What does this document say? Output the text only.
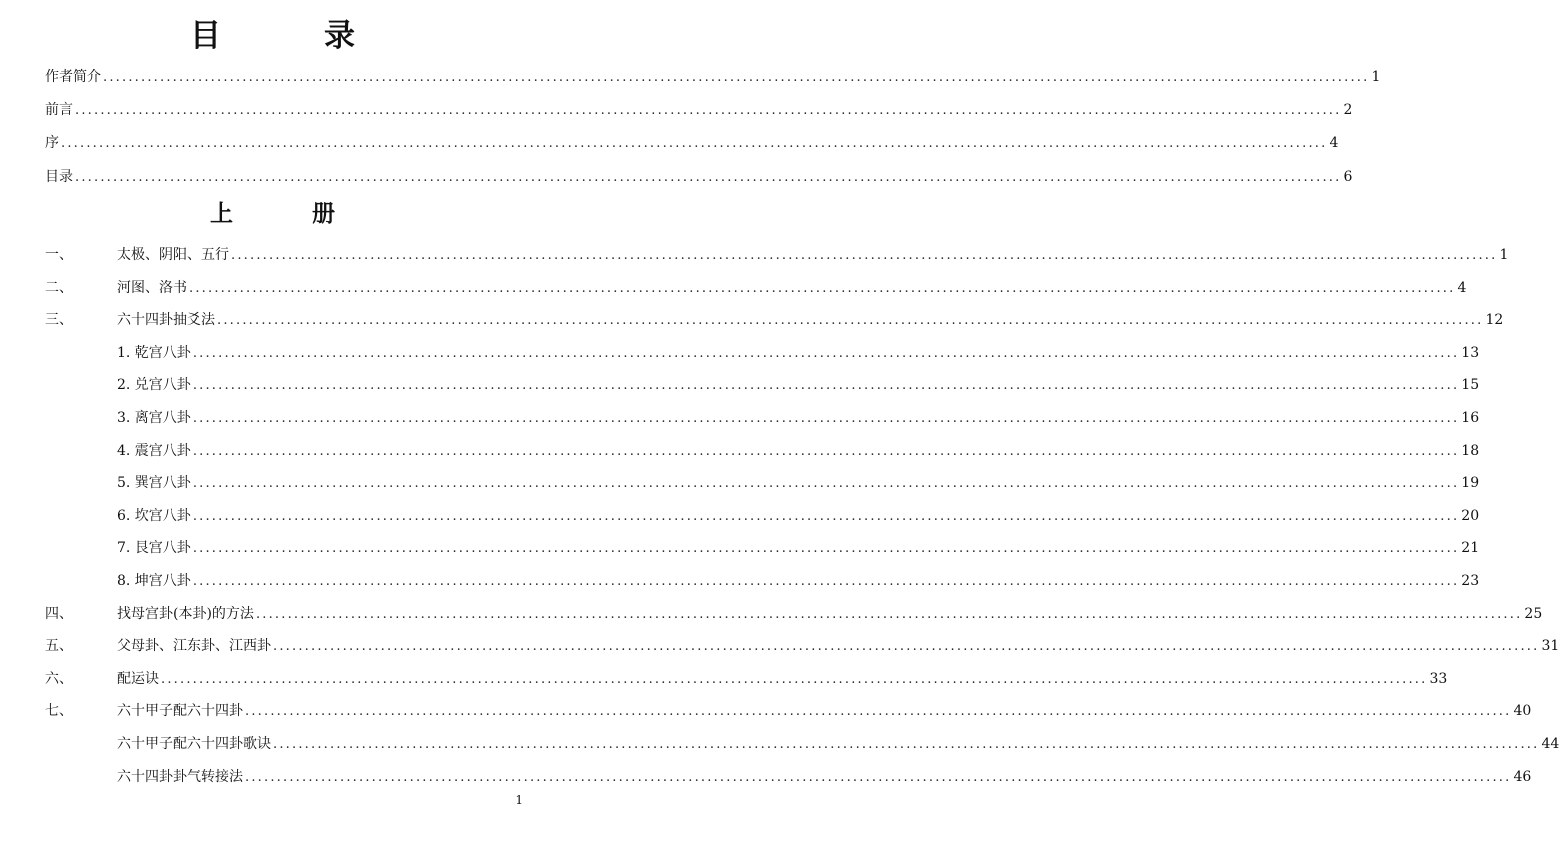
目　录
作者简介 ........................................................................................................................................................................................................ 1
前言 ........................................................................................................................................................................................................ 2
序 ........................................................................................................................................................................................................ 4
目录 ........................................................................................................................................................................................................ 6
上　册
一、	太极、阴阳、五行 ........................................................................................................................................................................................................ 1
二、	河图、洛书 ........................................................................................................................................................................................................ 4
三、	六十四卦抽爻法 ........................................................................................................................................................................................................ 12
1. 乾宫八卦 ........................................................................................................................................................................................................ 13
2. 兑宫八卦 ........................................................................................................................................................................................................ 15
3. 离宫八卦 ........................................................................................................................................................................................................ 16
4. 震宫八卦 ........................................................................................................................................................................................................ 18
5. 巽宫八卦 ........................................................................................................................................................................................................ 19
6. 坎宫八卦 ........................................................................................................................................................................................................ 20
7. 艮宫八卦 ........................................................................................................................................................................................................ 21
8. 坤宫八卦 ........................................................................................................................................................................................................ 23
四、	找母宫卦(本卦)的方法 ........................................................................................................................................................................................................ 25
五、	父母卦、江东卦、江西卦 ........................................................................................................................................................................................................ 31
六、	配运诀 ........................................................................................................................................................................................................ 33
七、	六十甲子配六十四卦 ........................................................................................................................................................................................................ 40
六十甲子配六十四卦歌诀 ........................................................................................................................................................................................................ 44
六十四卦卦气转接法 ........................................................................................................................................................................................................ 46
1
